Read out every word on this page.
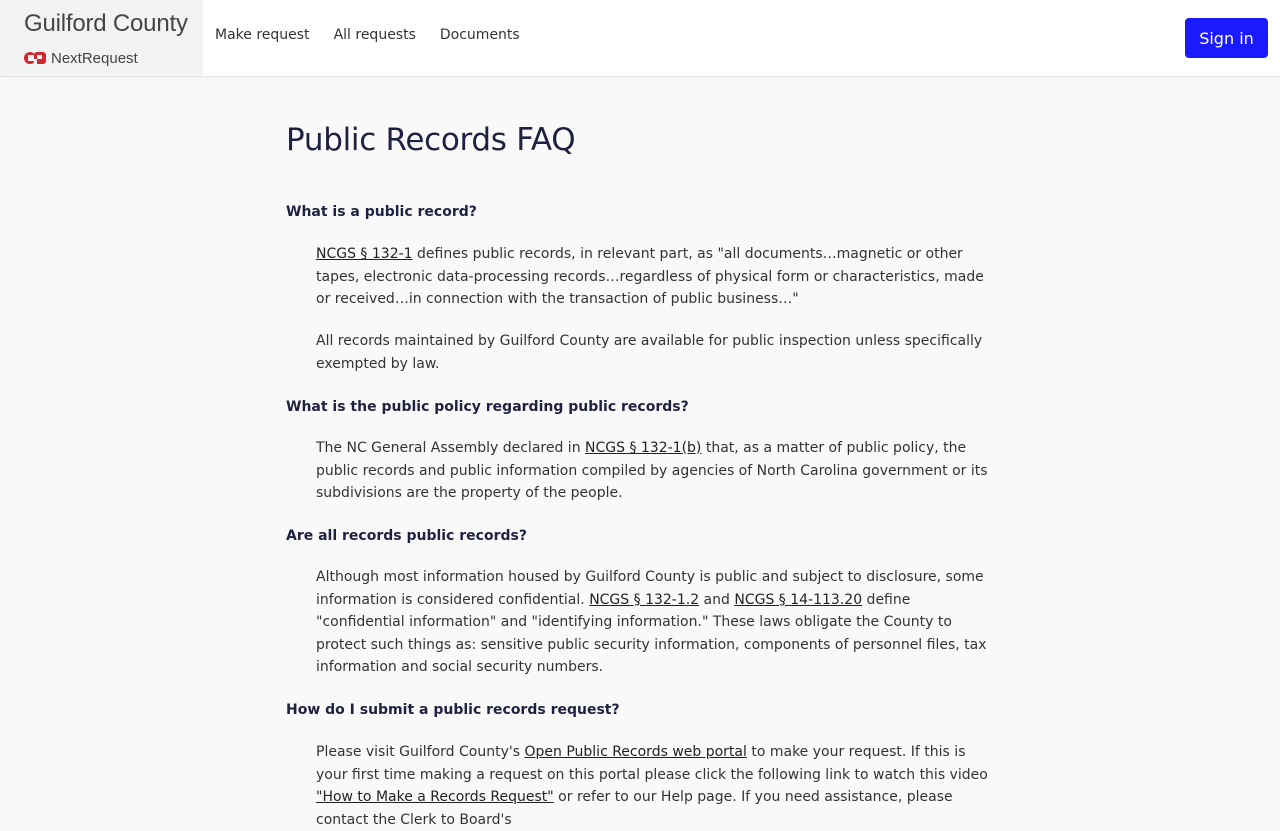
Guilford County
NextRequest
Make request All requests Documents	Sign in
Public Records FAQ
What is a public record?
NCGS § 132-1 defines public records, in relevant part, as "all documents…magnetic or other tapes, electronic data-processing records…regardless of physical form or characteristics, made or received…in connection with the transaction of public business…"
All records maintained by Guilford County are available for public inspection unless specifically exempted by law.
What is the public policy regarding public records?
The NC General Assembly declared in NCGS § 132-1(b) that, as a matter of public policy, the public records and public information compiled by agencies of North Carolina government or its subdivisions are the property of the people.
Are all records public records?
Although most information housed by Guilford County is public and subject to disclosure, some information is considered confidential. NCGS § 132-1.2 and NCGS § 14-113.20 define "confidential information" and "identifying information." These laws obligate the County to protect such things as: sensitive public security information, components of personnel files, tax information and social security numbers.
How do I submit a public records request?
Please visit Guilford County's Open Public Records web portal to make your request. If this is your first time making a request on this portal please click the following link to watch this video "How to Make a Records Request" or refer to our Help page. If you need assistance, please contact the Clerk to Board's
